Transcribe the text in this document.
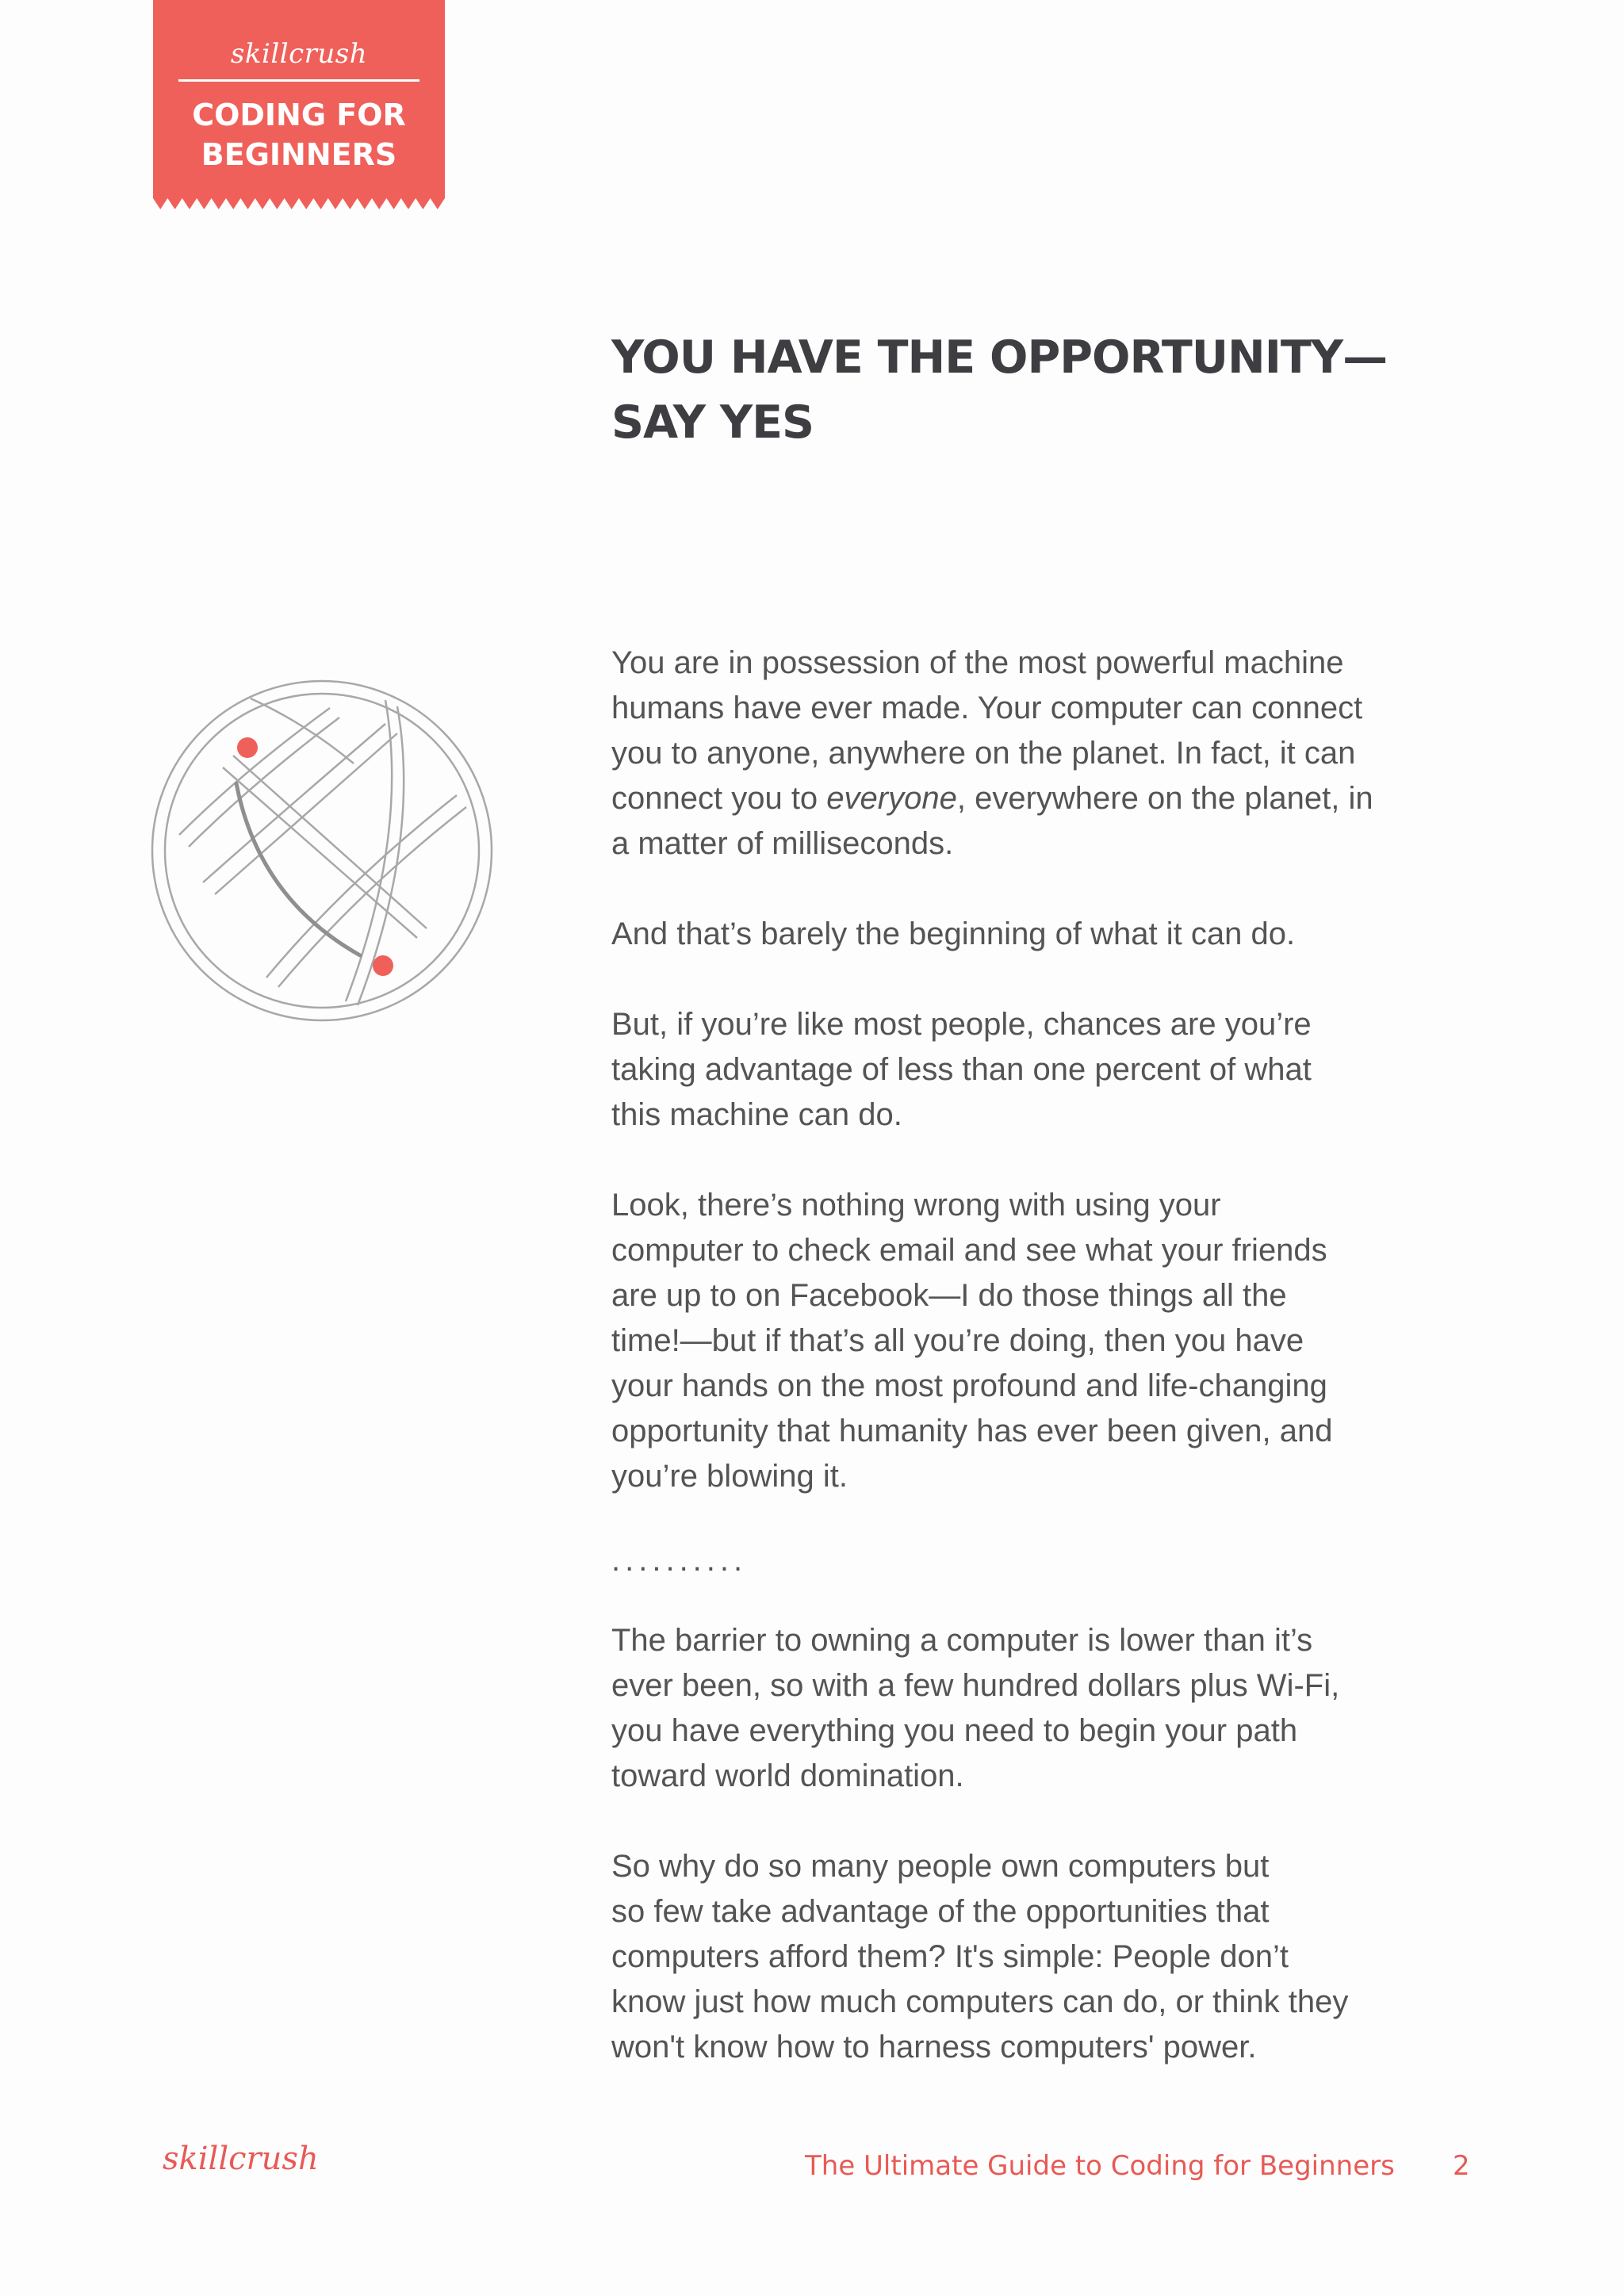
skillcrush
CODING FOR
BEGINNERS
YOU HAVE THE OPPORTUNITY—
SAY YES

You are in possession of the most powerful machine
humans have ever made. Your computer can connect
you to anyone, anywhere on the planet. In fact, it can
connect you to everyone, everywhere on the planet, in
a matter of milliseconds.

And that’s barely the beginning of what it can do.

But, if you’re like most people, chances are you’re
taking advantage of less than one percent of what
this machine can do.

Look, there’s nothing wrong with using your
computer to check email and see what your friends
are up to on Facebook—I do those things all the
time!—but if that’s all you’re doing, then you have
your hands on the most profound and life-changing
opportunity that humanity has ever been given, and
you’re blowing it.

..........

The barrier to owning a computer is lower than it’s
ever been, so with a few hundred dollars plus Wi-Fi,
you have everything you need to begin your path
toward world domination.

So why do so many people own computers but
so few take advantage of the opportunities that
computers afford them? It's simple: People don’t
know just how much computers can do, or think they
won't know how to harness computers' power.

skillcrush	The Ultimate Guide to Coding for Beginners 2
